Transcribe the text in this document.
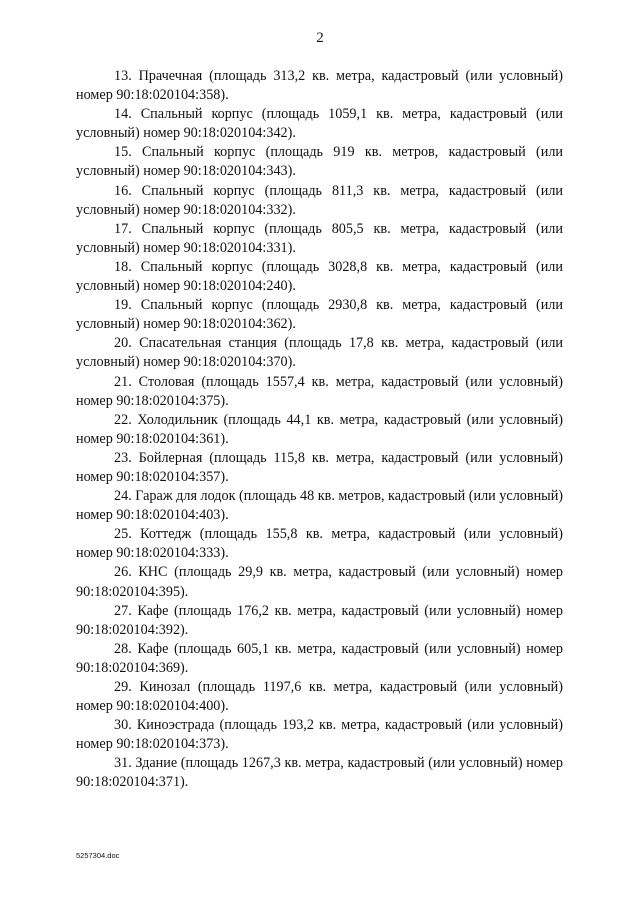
2

13. Прачечная (площадь 313,2 кв. метра, кадастровый (или условный) номер 90:18:020104:358).

14. Спальный корпус (площадь 1059,1 кв. метра, кадастровый (или условный) номер 90:18:020104:342).

15. Спальный корпус (площадь 919 кв. метров, кадастровый (или условный) номер 90:18:020104:343).

16. Спальный корпус (площадь 811,3 кв. метра, кадастровый (или условный) номер 90:18:020104:332).

17. Спальный корпус (площадь 805,5 кв. метра, кадастровый (или условный) номер 90:18:020104:331).

18. Спальный корпус (площадь 3028,8 кв. метра, кадастровый (или условный) номер 90:18:020104:240).

19. Спальный корпус (площадь 2930,8 кв. метра, кадастровый (или условный) номер 90:18:020104:362).

20. Спасательная станция (площадь 17,8 кв. метра, кадастровый (или условный) номер 90:18:020104:370).

21. Столовая (площадь 1557,4 кв. метра, кадастровый (или условный) номер 90:18:020104:375).

22. Холодильник (площадь 44,1 кв. метра, кадастровый (или условный) номер 90:18:020104:361).

23. Бойлерная (площадь 115,8 кв. метра, кадастровый (или условный) номер 90:18:020104:357).

24. Гараж для лодок (площадь 48 кв. метров, кадастровый (или условный) номер 90:18:020104:403).

25. Коттедж (площадь 155,8 кв. метра, кадастровый (или условный) номер 90:18:020104:333).

26. КНС (площадь 29,9 кв. метра, кадастровый (или условный) номер 90:18:020104:395).

27. Кафе (площадь 176,2 кв. метра, кадастровый (или условный) номер 90:18:020104:392).

28. Кафе (площадь 605,1 кв. метра, кадастровый (или условный) номер 90:18:020104:369).

29. Кинозал (площадь 1197,6 кв. метра, кадастровый (или условный) номер 90:18:020104:400).

30. Киноэстрада (площадь 193,2 кв. метра, кадастровый (или условный) номер 90:18:020104:373).

31. Здание (площадь 1267,3 кв. метра, кадастровый (или условный) номер 90:18:020104:371).

5257304.doc
